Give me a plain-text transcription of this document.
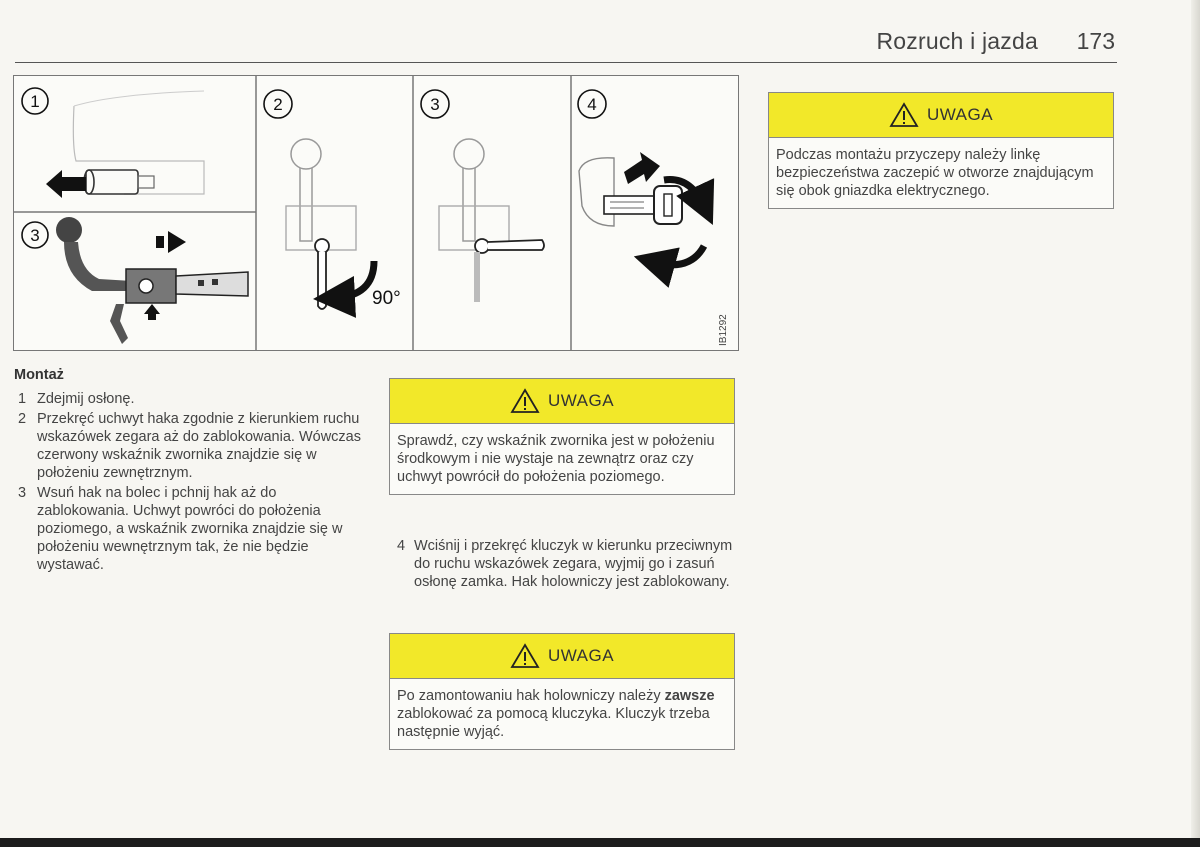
Rozruch i jazda 173
1
3
2
90°
3	4
IB1292
Montaż
1 Zdejmij osłonę.
2 Przekręć uchwyt haka zgodnie z kierunkiem ruchu wskazówek zegara aż do zablokowania. Wówczas czerwony wskaźnik zwornika znajdzie się w położeniu zewnętrznym.
3 Wsuń hak na bolec i pchnij hak aż do zablokowania. Uchwyt powróci do położenia poziomego, a wskaźnik zwornika znajdzie się w położeniu wewnętrznym tak, że nie będzie wystawać.
UWAGA
Podczas montażu przyczepy należy linkę bezpieczeństwa zaczepić w otworze znajdującym się obok gniazdka elektrycznego.
UWAGA
Sprawdź, czy wskaźnik zwornika jest w położeniu środkowym i nie wystaje na zewnątrz oraz czy uchwyt powrócił do położenia poziomego.
4 Wciśnij i przekręć kluczyk w kierunku przeciwnym do ruchu wskazówek zegara, wyjmij go i zasuń osłonę zamka. Hak holowniczy jest zablokowany.
UWAGA
Po zamontowaniu hak holowniczy należy zawsze zablokować za pomocą kluczyka. Kluczyk trzeba następnie wyjąć.
